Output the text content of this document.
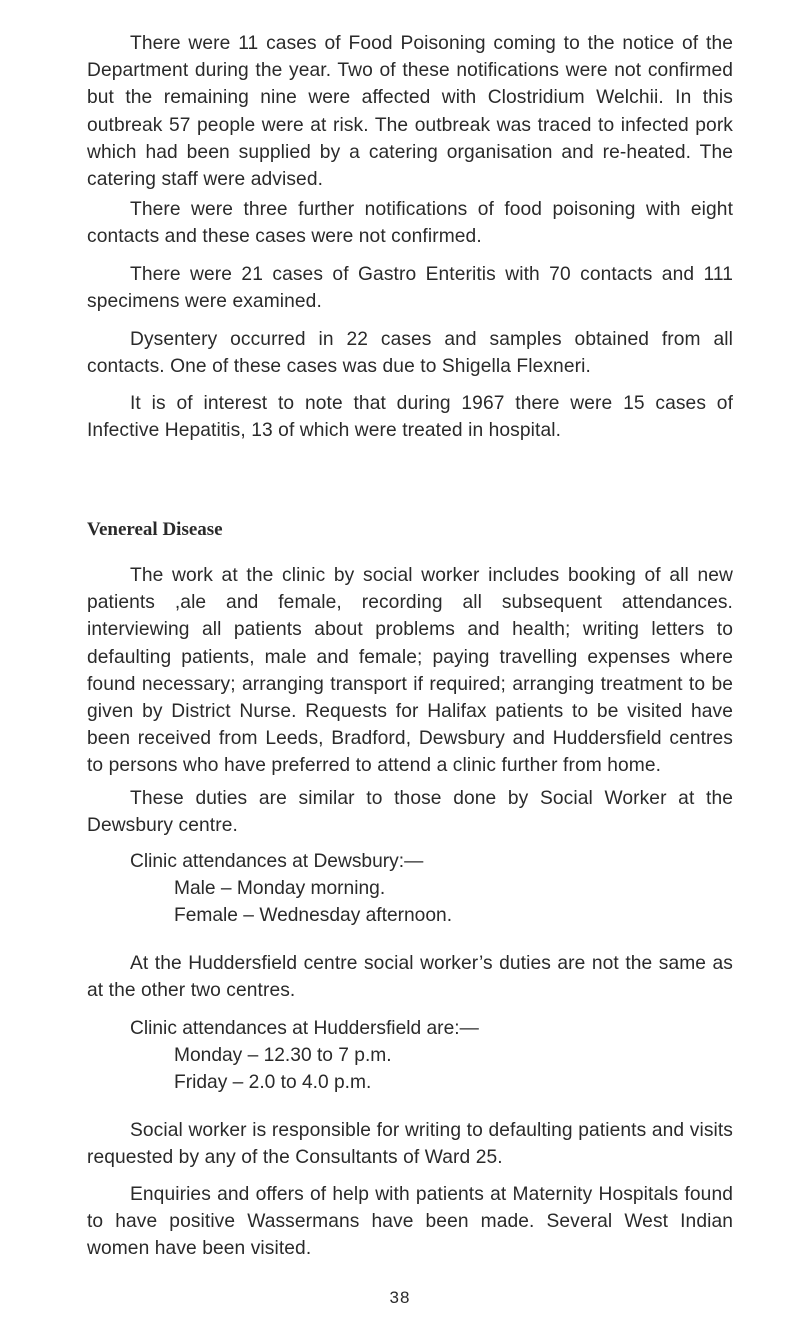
There were 11 cases of Food Poisoning coming to the notice of the Department during the year. Two of these notifications were not confirmed but the remaining nine were affected with Clostridium Welchii. In this outbreak 57 people were at risk. The outbreak was traced to infected pork which had been supplied by a catering organisation and re-heated. The catering staff were advised.

There were three further notifications of food poisoning with eight contacts and these cases were not confirmed.

There were 21 cases of Gastro Enteritis with 70 contacts and 111 specimens were examined.

Dysentery occurred in 22 cases and samples obtained from all contacts. One of these cases was due to Shigella Flexneri.

It is of interest to note that during 1967 there were 15 cases of Infective Hepatitis, 13 of which were treated in hospital.

Venereal Disease

The work at the clinic by social worker includes booking of all new patients ,ale and female, recording all subsequent attendances. interviewing all patients about problems and health; writing letters to defaulting patients, male and female; paying travelling expenses where found necessary; arranging transport if required; arranging treatment to be given by District Nurse. Requests for Halifax patients to be visited have been received from Leeds, Bradford, Dewsbury and Huddersfield centres to persons who have preferred to attend a clinic further from home.

These duties are similar to those done by Social Worker at the Dewsbury centre.

Clinic attendances at Dewsbury:—
Male – Monday morning.
Female – Wednesday afternoon.

At the Huddersfield centre social worker’s duties are not the same as at the other two centres.

Clinic attendances at Huddersfield are:—
Monday – 12.30 to 7 p.m.
Friday – 2.0 to 4.0 p.m.

Social worker is responsible for writing to defaulting patients and visits requested by any of the Consultants of Ward 25.

Enquiries and offers of help with patients at Maternity Hospitals found to have positive Wassermans have been made. Several West Indian women have been visited.

38
